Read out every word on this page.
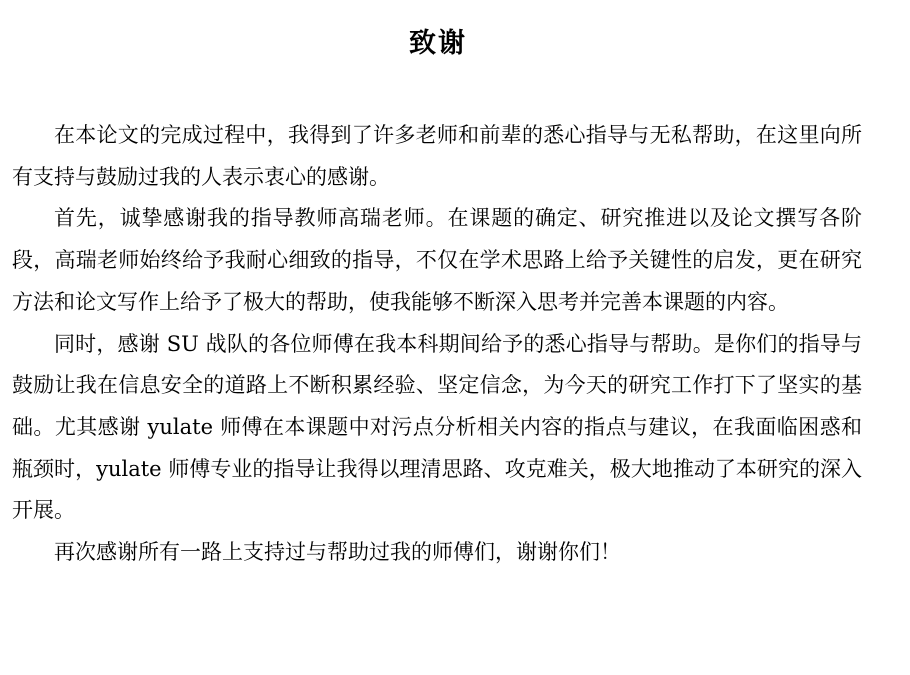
致谢

在本论文的完成过程中，我得到了许多老师和前辈的悉心指导与无私帮助，在这里向所有支持与鼓励过我的人表示衷心的感谢。

首先，诚挚感谢我的指导教师高瑞老师。在课题的确定、研究推进以及论文撰写各阶段，高瑞老师始终给予我耐心细致的指导，不仅在学术思路上给予关键性的启发，更在研究方法和论文写作上给予了极大的帮助，使我能够不断深入思考并完善本课题的内容。

同时，感谢 SU 战队的各位师傅在我本科期间给予的悉心指导与帮助。是你们的指导与鼓励让我在信息安全的道路上不断积累经验、坚定信念，为今天的研究工作打下了坚实的基础。尤其感谢 yulate 师傅在本课题中对污点分析相关内容的指点与建议，在我面临困惑和瓶颈时，yulate 师傅专业的指导让我得以理清思路、攻克难关，极大地推动了本研究的深入开展。

再次感谢所有一路上支持过与帮助过我的师傅们，谢谢你们！
